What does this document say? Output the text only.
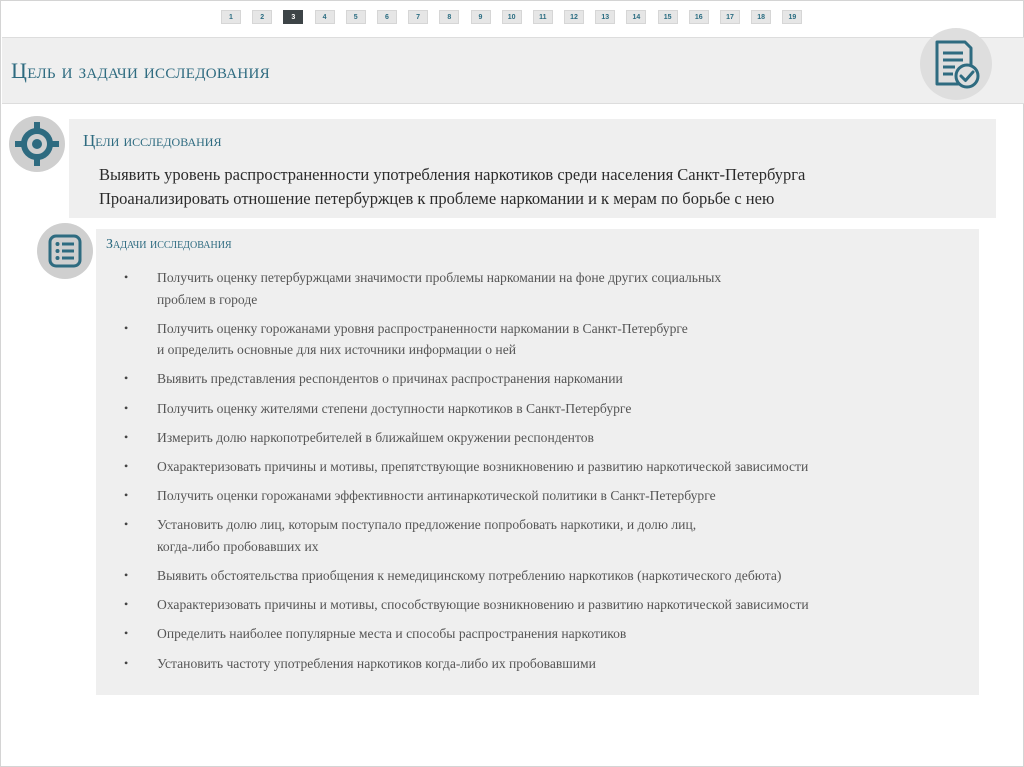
1	2	3	4	5	6	7	8	9	10	11	12	13	14	15	16	17	18	19
Цель и задачи исследования
Цели исследования
Выявить уровень распространенности употребления наркотиков среди населения Санкт-Петербурга
Проанализировать отношение петербуржцев к проблеме наркомании и к мерам по борьбе с нею
Задачи исследования
• Получить оценку петербуржцами значимости проблемы наркомании на фоне других социальных
проблем в городе
• Получить оценку горожанами уровня распространенности наркомании в Санкт-Петербурге
и определить основные для них источники информации о ней
• Выявить представления респондентов о причинах распространения наркомании
• Получить оценку жителями степени доступности наркотиков в Санкт-Петербурге
• Измерить долю наркопотребителей в ближайшем окружении респондентов
• Охарактеризовать причины и мотивы, препятствующие возникновению и развитию наркотической зависимости
• Получить оценки горожанами эффективности антинаркотической политики в Санкт-Петербурге
• Установить долю лиц, которым поступало предложение попробовать наркотики, и долю лиц,
когда-либо пробовавших их
• Выявить обстоятельства приобщения к немедицинскому потреблению наркотиков (наркотического дебюта)
• Охарактеризовать причины и мотивы, способствующие возникновению и развитию наркотической зависимости
• Определить наиболее популярные места и способы распространения наркотиков
• Установить частоту употребления наркотиков когда-либо их пробовавшими
